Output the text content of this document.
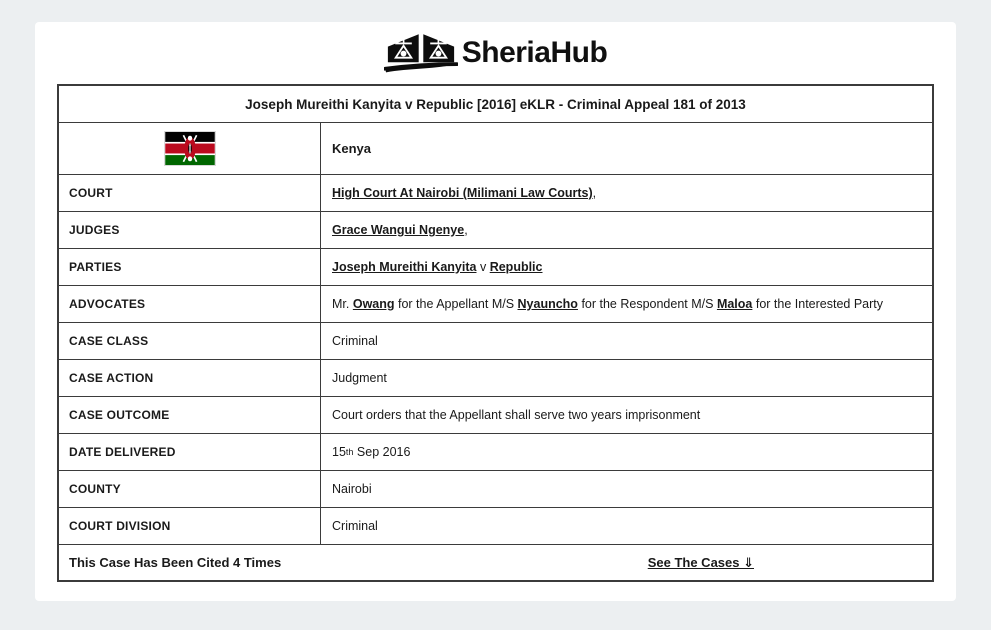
SheriaHub
Joseph Mureithi Kanyita v Republic [2016] eKLR - Criminal Appeal 181 of 2013
Kenya
COURT	High Court At Nairobi (Milimani Law Courts) ,
JUDGES	Grace Wangui Ngenye ,
PARTIES	Joseph Mureithi Kanyita v Republic
ADVOCATES	Mr. Owang for the Appellant M/S Nyauncho for the Respondent M/S Maloa for the Interested Party
CASE CLASS	Criminal
CASE ACTION	Judgment
CASE OUTCOME	Court orders that the Appellant shall serve two years imprisonment
DATE DELIVERED	15 th Sep 2016
COUNTY	Nairobi
COURT DIVISION	Criminal
This Case Has Been Cited 4 Times	See The Cases ⇓
